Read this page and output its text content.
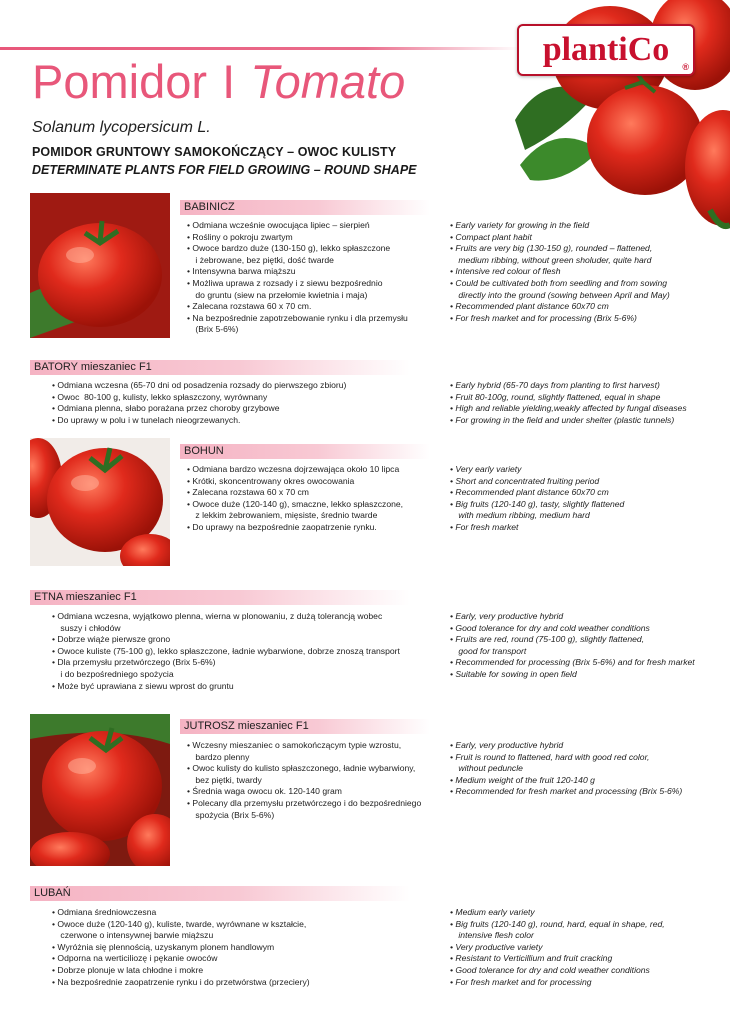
Pomidor I Tomato
Solanum lycopersicum L.
POMIDOR GRUNTOWY SAMOKOŃCZĄCY – OWOC KULISTY
DETERMINATE PLANTS FOR FIELD GROWING – ROUND SHAPE
plantiCo ®
BABINICZ
• Odmiana wcześnie owocująca lipiec – sierpień
• Rośliny o pokroju zwartym
• Owoce bardzo duże (130-150 g), lekko spłaszczone
i żebrowane, bez piętki, dość twarde
• Intensywna barwa miąższu
• Możliwa uprawa z rozsady i z siewu bezpośrednio
do gruntu (siew na przełomie kwietnia i maja)
• Zalecana rozstawa 60 x 70 cm.
• Na bezpośrednie zapotrzebowanie rynku i dla przemysłu
(Brix 5-6%)
• Early variety for growing in the field
• Compact plant habit
• Fruits are very big (130-150 g), rounded – flattened,
medium ribbing, without green sholuder, quite hard
• Intensive red colour of flesh
• Could be cultivated both from seedling and from sowing
directly into the ground (sowing between April and May)
• Recommended plant distance 60x70 cm
• For fresh market and for processing (Brix 5-6%)
BATORY mieszaniec F1
• Odmiana wczesna (65-70 dni od posadzenia rozsady do pierwszego zbioru)
• Owoc  80-100 g, kulisty, lekko spłaszczony, wyrównany
• Odmiana plenna, słabo porażana przez choroby grzybowe
• Do uprawy w polu i w tunelach nieogrzewanych.
• Early hybrid (65-70 days from planting to first harvest)
• Fruit 80-100g, round, slightly flattened, equal in shape
• High and reliable yielding,weakly affected by fungal diseases
• For growing in the field and under shelter (plastic tunnels)
BOHUN
• Odmiana bardzo wczesna dojrzewająca około 10 lipca
• Krótki, skoncentrowany okres owocowania
• Zalecana rozstawa 60 x 70 cm
• Owoce duże (120-140 g), smaczne, lekko spłaszczone,
z lekkim żebrowaniem, mięsiste, średnio twarde
• Do uprawy na bezpośrednie zaopatrzenie rynku.
• Very early variety
• Short and concentrated fruiting period
• Recommended plant distance 60x70 cm
• Big fruits (120-140 g), tasty, slightly flattened
with medium ribbing, medium hard
• For fresh market
ETNA mieszaniec F1
• Odmiana wczesna, wyjątkowo plenna, wierna w plonowaniu, z dużą tolerancją wobec
suszy i chłodów
• Dobrze wiąże pierwsze grono
• Owoce kuliste (75-100 g), lekko spłaszczone, ładnie wybarwione, dobrze znoszą transport
• Dla przemysłu przetwórczego (Brix 5-6%)
i do bezpośredniego spożycia
• Może być uprawiana z siewu wprost do gruntu
• Early, very productive hybrid
• Good tolerance for dry and cold weather conditions
• Fruits are red, round (75-100 g), slightly flattened,
good for transport
• Recommended for processing (Brix 5-6%) and for fresh market
• Suitable for sowing in open field
JUTROSZ mieszaniec F1
• Wczesny mieszaniec o samokończącym typie wzrostu,
bardzo plenny
• Owoc kulisty do kulisto spłaszczonego, ładnie wybarwiony,
bez piętki, twardy
• Średnia waga owocu ok. 120-140 gram
• Polecany dla przemysłu przetwórczego i do bezpośredniego
spożycia (Brix 5-6%)
• Early, very productive hybrid
• Fruit is round to flattened, hard with good red color,
without peduncle
• Medium weight of the fruit 120-140 g
• Recommended for fresh market and processing (Brix 5-6%)
LUBAŃ
• Odmiana średniowczesna
• Owoce duże (120-140 g), kuliste, twarde, wyrównane w kształcie,
czerwone o intensywnej barwie miąższu
• Wyróżnia się plennością, uzyskanym plonem handlowym
• Odporna na werticiliozę i pękanie owoców
• Dobrze plonuje w lata chłodne i mokre
• Na bezpośrednie zaopatrzenie rynku i do przetwórstwa (przeciery)
• Medium early variety
• Big fruits (120-140 g), round, hard, equal in shape, red,
intensive flesh color
• Very productive variety
• Resistant to Verticillium and fruit cracking
• Good tolerance for dry and cold weather conditions
• For fresh market and for processing
